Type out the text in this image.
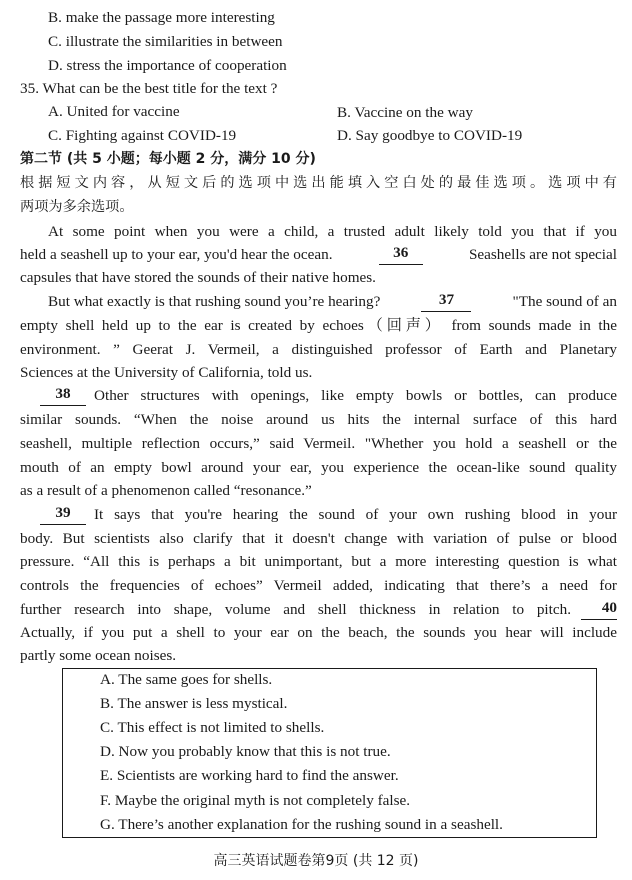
B. make the passage more interesting
C. illustrate the similarities in between
D. stress the importance of cooperation
35. What can be the best title for the text ?
A. United for vaccine	B. Vaccine on the way
C. Fighting against COVID-19	D. Say goodbye to COVID-19
第二节 (共 5 小题；每小题 2 分，满分 10 分)
根据短文内容，从短文后的选项中选出能填入空白处的最佳选项。选项中有
两项为多余选项。
At some point when you were a child, a trusted adult likely told you that if you
held a seashell up to your ear, you'd hear the ocean.	36	Seashells are not special
capsules that have stored the sounds of their native homes.
But what exactly is that rushing sound you’re hearing?	37	"The sound of an
empty shell held up to the ear is created by echoes（回声） from sounds made in the
environment. ” Geerat J. Vermeil, a distinguished professor of Earth and Planetary
Sciences at the University of California, told us.
38	Other structures with openings, like empty bowls or bottles, can produce
similar sounds. “When the noise around us hits the internal surface of this hard
seashell, multiple reflection occurs,” said Vermeil. "Whether you hold a seashell or the
mouth of an empty bowl around your ear, you experience the ocean-like sound quality
as a result of a phenomenon called “resonance.”
39	It says that you're hearing the sound of your own rushing blood in your
body. But scientists also clarify that it doesn't change with variation of pulse or blood
pressure. “All this is perhaps a bit unimportant, but a more interesting question is what
controls the frequencies of echoes” Vermeil added, indicating that there’s a need for
further research into shape, volume and shell thickness in relation to pitch.	40
Actually, if you put a shell to your ear on the beach, the sounds you hear will include
partly some ocean noises.
A. The same goes for shells.
B. The answer is less mystical.
C. This effect is not limited to shells.
D. Now you probably know that this is not true.
E. Scientists are working hard to find the answer.
F. Maybe the original myth is not completely false.
G. There’s another explanation for the rushing sound in a seashell.
高三英语试题卷第9页 (共 12 页)
